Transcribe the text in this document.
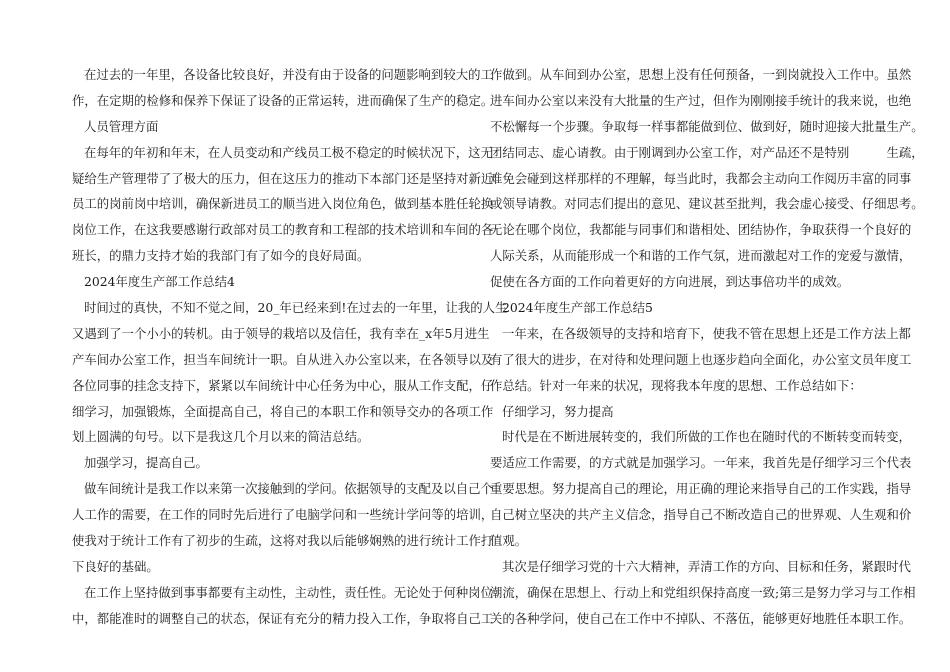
在过去的一年里，各设备比较良好，并没有由于设备的问题影响到较大的工
作，在定期的检修和保养下保证了设备的正常运转，进而确保了生产的稳定。
人员管理方面
在每年的年初和年末，在人员变动和产线员工极不稳定的时候状况下，这无
疑给生产管理带了了极大的压力，但在这压力的推动下本部门还是坚持对新近
员工的岗前岗中培训，确保新进员工的顺当进入岗位角色，做到基本胜任轮换
岗位工作，在这我要感谢行政部对员工的教育和工程部的技术培训和车间的各
班长，的鼎力支持才始的我部门有了如今的良好局面。
2024年度生产部工作总结4
时间过的真快，不知不觉之间，20_年已经来到!在过去的一年里，让我的人生
又遇到了一个小小的转机。由于领导的栽培以及信任，我有幸在_x年5月进生
产车间办公室工作，担当车间统计一职。自从进入办公室以来，在各领导以及
各位同事的挂念支持下，紧紧以车间统计中心任务为中心，服从工作支配，仔
细学习，加强锻炼，全面提高自己，将自己的本职工作和领导交办的各项工作
划上圆满的句号。以下是我这几个月以来的简洁总结。
加强学习，提高自己。
做车间统计是我工作以来第一次接触到的学问。依据领导的支配及以自己个
人工作的需要，在工作的同时先后进行了电脑学问和一些统计学问等的培训，
使我对于统计工作有了初步的生疏，这将对我以后能够娴熟的进行统计工作打
下良好的基础。
在工作上坚持做到事事都要有主动性，主动性，责任性。无论处于何种岗位
中，都能准时的调整自己的状态，保证有充分的精力投入工作，争取将自己工
作做到。从车间到办公室，思想上没有任何预备，一到岗就投入工作中。虽然
进车间办公室以来没有大批量的生产过，但作为刚刚接手统计的我来说，也绝
不松懈每一个步骤。争取每一样事都能做到位、做到好，随时迎接大批量生产。
团结同志、虚心请教。由于刚调到办公室工作，对产品还不是特别　　　生疏，
难免会碰到这样那样的不理解，每当此时，我都会主动向工作阅历丰富的同事
或领导请教。对同志们提出的意见、建议甚至批判，我会虚心接受、仔细思考。
无论在哪个岗位，我都能与同事们和谐相处、团结协作，争取获得一个良好的
人际关系，从而能形成一个和谐的工作气氛，进而激起对工作的宠爱与激情，
促使在各方面的工作向着更好的方向进展，到达事倍功半的成效。
2024年度生产部工作总结5
一年来，在各级领导的支持和培育下，使我不管在思想上还是工作方法上都
有了很大的进步，在对待和处理问题上也逐步趋向全面化，办公室文员年度工
作总结。针对一年来的状况，现将我本年度的思想、工作总结如下：
仔细学习，努力提高
时代是在不断进展转变的，我们所做的工作也在随时代的不断转变而转变，
要适应工作需要，的方式就是加强学习。一年来，我首先是仔细学习三个代表
重要思想。努力提高自己的理论，用正确的理论来指导自己的工作实践，指导
自己树立坚决的共产主义信念，指导自己不断改造自己的世界观、人生观和价
值观。
其次是仔细学习党的十六大精神，弄清工作的方向、目标和任务，紧跟时代
潮流，确保在思想上、行动上和党组织保持高度一致;第三是努力学习与工作相
关的各种学问，使自己在工作中不掉队、不落伍，能够更好地胜任本职工作。
